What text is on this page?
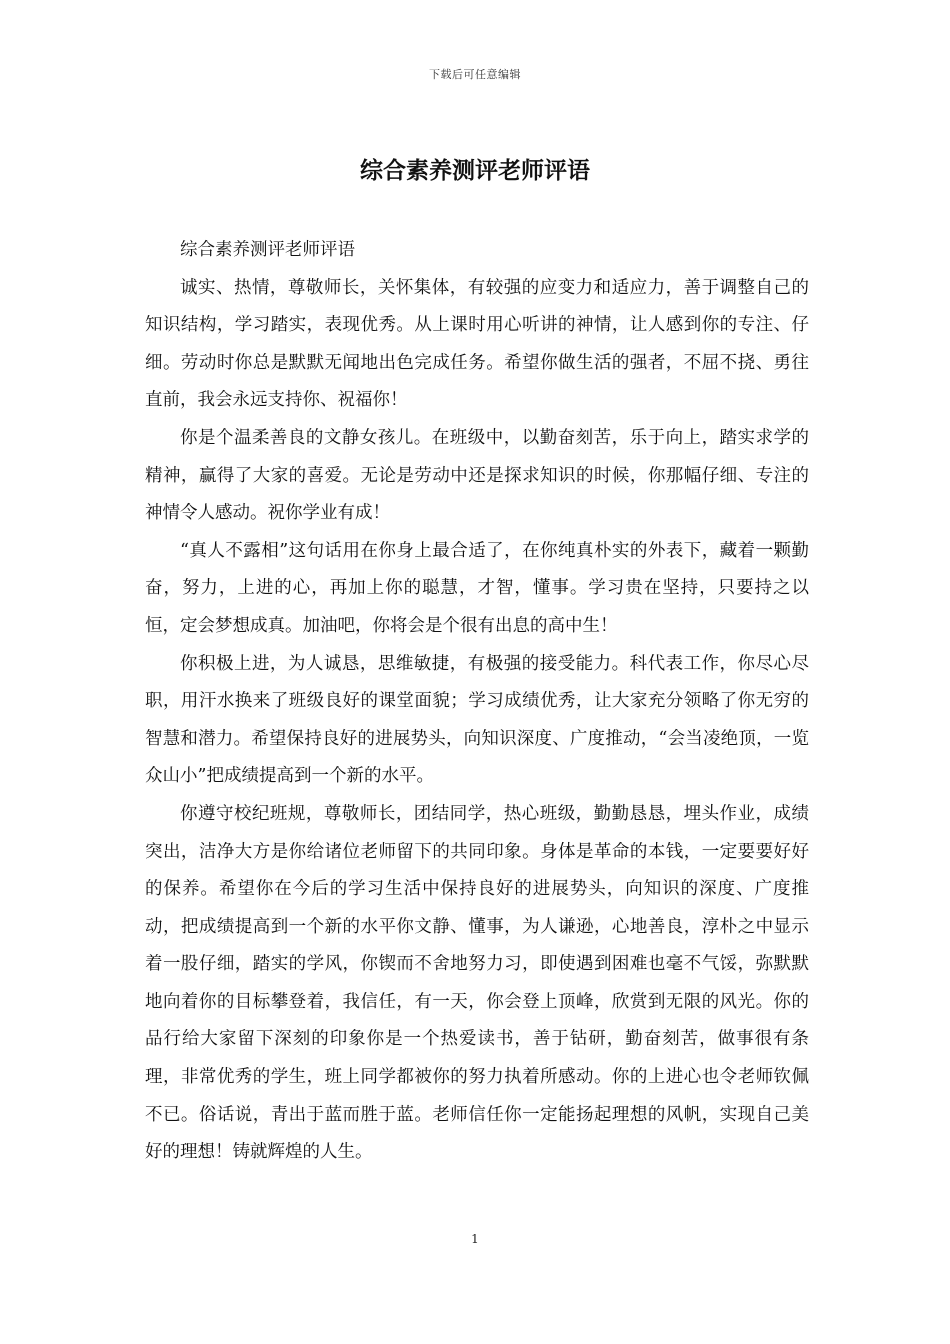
下载后可任意编辑
综合素养测评老师评语

综合素养测评老师评语

诚实、热情，尊敬师长，关怀集体，有较强的应变力和适应力，善于调整自己的知识结构，学习踏实，表现优秀。从上课时用心听讲的神情，让人感到你的专注、仔细。劳动时你总是默默无闻地出色完成任务。希望你做生活的强者，不屈不挠、勇往直前，我会永远支持你、祝福你！

你是个温柔善良的文静女孩儿。在班级中，以勤奋刻苦，乐于向上，踏实求学的精神，赢得了大家的喜爱。无论是劳动中还是探求知识的时候，你那幅仔细、专注的神情令人感动。祝你学业有成！

“真人不露相”这句话用在你身上最合适了，在你纯真朴实的外表下，藏着一颗勤奋，努力，上进的心，再加上你的聪慧，才智，懂事。学习贵在坚持，只要持之以恒，定会梦想成真。加油吧，你将会是个很有出息的高中生！

你积极上进，为人诚恳，思维敏捷，有极强的接受能力。科代表工作，你尽心尽职，用汗水换来了班级良好的课堂面貌；学习成绩优秀，让大家充分领略了你无穷的智慧和潜力。希望保持良好的进展势头，向知识深度、广度推动，“会当凌绝顶，一览众山小”把成绩提高到一个新的水平。

你遵守校纪班规，尊敬师长，团结同学，热心班级，勤勤恳恳，埋头作业，成绩突出，洁净大方是你给诸位老师留下的共同印象。身体是革命的本钱，一定要要好好的保养。希望你在今后的学习生活中保持良好的进展势头，向知识的深度、广度推动，把成绩提高到一个新的水平你文静、懂事，为人谦逊，心地善良，淳朴之中显示着一股仔细，踏实的学风，你锲而不舍地努力习，即使遇到困难也毫不气馁，弥默默地向着你的目标攀登着，我信任，有一天，你会登上顶峰，欣赏到无限的风光。你的品行给大家留下深刻的印象你是一个热爱读书，善于钻研，勤奋刻苦，做事很有条理，非常优秀的学生，班上同学都被你的努力执着所感动。你的上进心也令老师钦佩不已。俗话说，青出于蓝而胜于蓝。老师信任你一定能扬起理想的风帆，实现自己美好的理想！铸就辉煌的人生。

1
